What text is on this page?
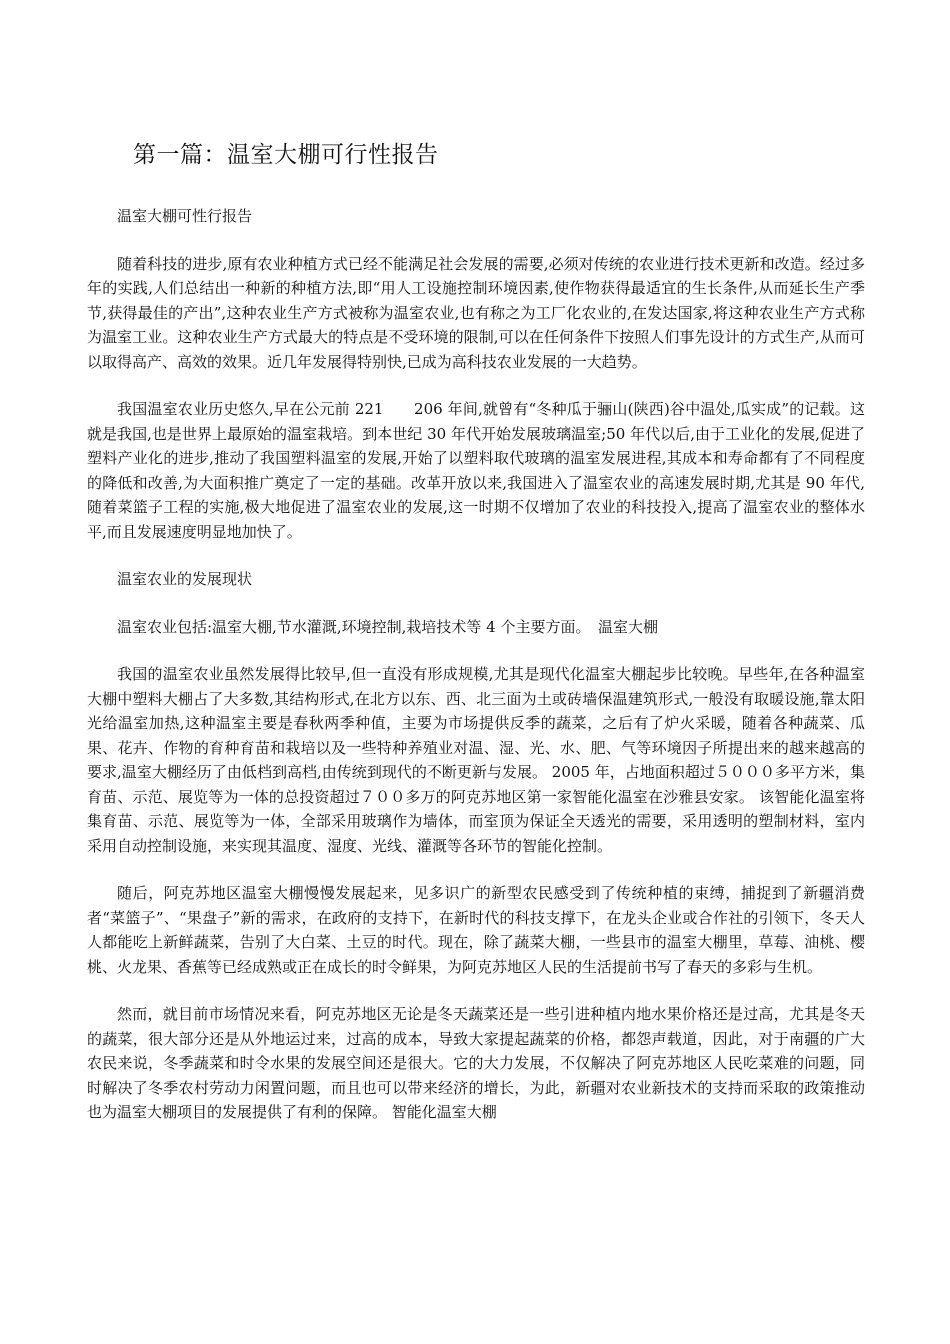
第一篇：温室大棚可行性报告

温室大棚可性行报告

随着科技的进步,原有农业种植方式已经不能满足社会发展的需要,必须对传统的农业进行技术更新和改造。经过多年的实践,人们总结出一种新的种植方法,即“用人工设施控制环境因素,使作物获得最适宜的生长条件,从而延长生产季节,获得最佳的产出”,这种农业生产方式被称为温室农业,也有称之为工厂化农业的,在发达国家,将这种农业生产方式称为温室工业。这种农业生产方式最大的特点是不受环境的限制,可以在任何条件下按照人们事先设计的方式生产,从而可以取得高产、高效的效果。近几年发展得特别快,已成为高科技农业发展的一大趋势。

我国温室农业历史悠久,早在公元前 221　　206 年间,就曾有“冬种瓜于骊山(陕西)谷中温处,瓜实成”的记载。这就是我国,也是世界上最原始的温室栽培。到本世纪 30 年代开始发展玻璃温室;50 年代以后,由于工业化的发展,促进了塑料产业化的进步,推动了我国塑料温室的发展,开始了以塑料取代玻璃的温室发展进程,其成本和寿命都有了不同程度的降低和改善,为大面积推广奠定了一定的基础。改革开放以来,我国进入了温室农业的高速发展时期,尤其是 90 年代,随着菜篮子工程的实施,极大地促进了温室农业的发展,这一时期不仅增加了农业的科技投入,提高了温室农业的整体水平,而且发展速度明显地加快了。

温室农业的发展现状

温室农业包括:温室大棚,节水灌溉,环境控制,栽培技术等 4 个主要方面。　温室大棚

我国的温室农业虽然发展得比较早,但一直没有形成规模,尤其是现代化温室大棚起步比较晚。早些年,在各种温室大棚中塑料大棚占了大多数,其结构形式,在北方以东、西、北三面为土或砖墙保温建筑形式,一般没有取暖设施,靠太阳光给温室加热,这种温室主要是春秋两季种值，主要为市场提供反季的蔬菜，之后有了炉火采暖，随着各种蔬菜、瓜果、花卉、作物的育种育苗和栽培以及一些特种养殖业对温、湿、光、水、肥、气等环境因子所提出来的越来越高的要求,温室大棚经历了由低档到高档,由传统到现代的不断更新与发展。 2005 年，占地面积超过５０００多平方米，集育苗、示范、展览等为一体的总投资超过７００多万的阿克苏地区第一家智能化温室在沙雅县安家。 该智能化温室将集育苗、示范、展览等为一体，全部采用玻璃作为墙体，而室顶为保证全天透光的需要，采用透明的塑制材料，室内采用自动控制设施，来实现其温度、湿度、光线、灌溉等各环节的智能化控制。

随后，阿克苏地区温室大棚慢慢发展起来，见多识广的新型农民感受到了传统种植的束缚，捕捉到了新疆消费者“菜篮子”、“果盘子”新的需求，在政府的支持下，在新时代的科技支撑下，在龙头企业或合作社的引领下，冬天人人都能吃上新鲜蔬菜，告别了大白菜、土豆的时代。现在，除了蔬菜大棚，一些县市的温室大棚里，草莓、油桃、樱桃、火龙果、香蕉等已经成熟或正在成长的时令鲜果，为阿克苏地区人民的生活提前书写了春天的多彩与生机。

然而，就目前市场情况来看，阿克苏地区无论是冬天蔬菜还是一些引进种植内地水果价格还是过高，尤其是冬天的蔬菜，很大部分还是从外地运过来，过高的成本，导致大家提起蔬菜的价格，都怨声载道，因此，对于南疆的广大农民来说，冬季蔬菜和时令水果的发展空间还是很大。它的大力发展，不仅解决了阿克苏地区人民吃菜难的问题，同时解决了冬季农村劳动力闲置问题，而且也可以带来经济的增长，为此，新疆对农业新技术的支持而采取的政策推动也为温室大棚项目的发展提供了有利的保障。 智能化温室大棚
